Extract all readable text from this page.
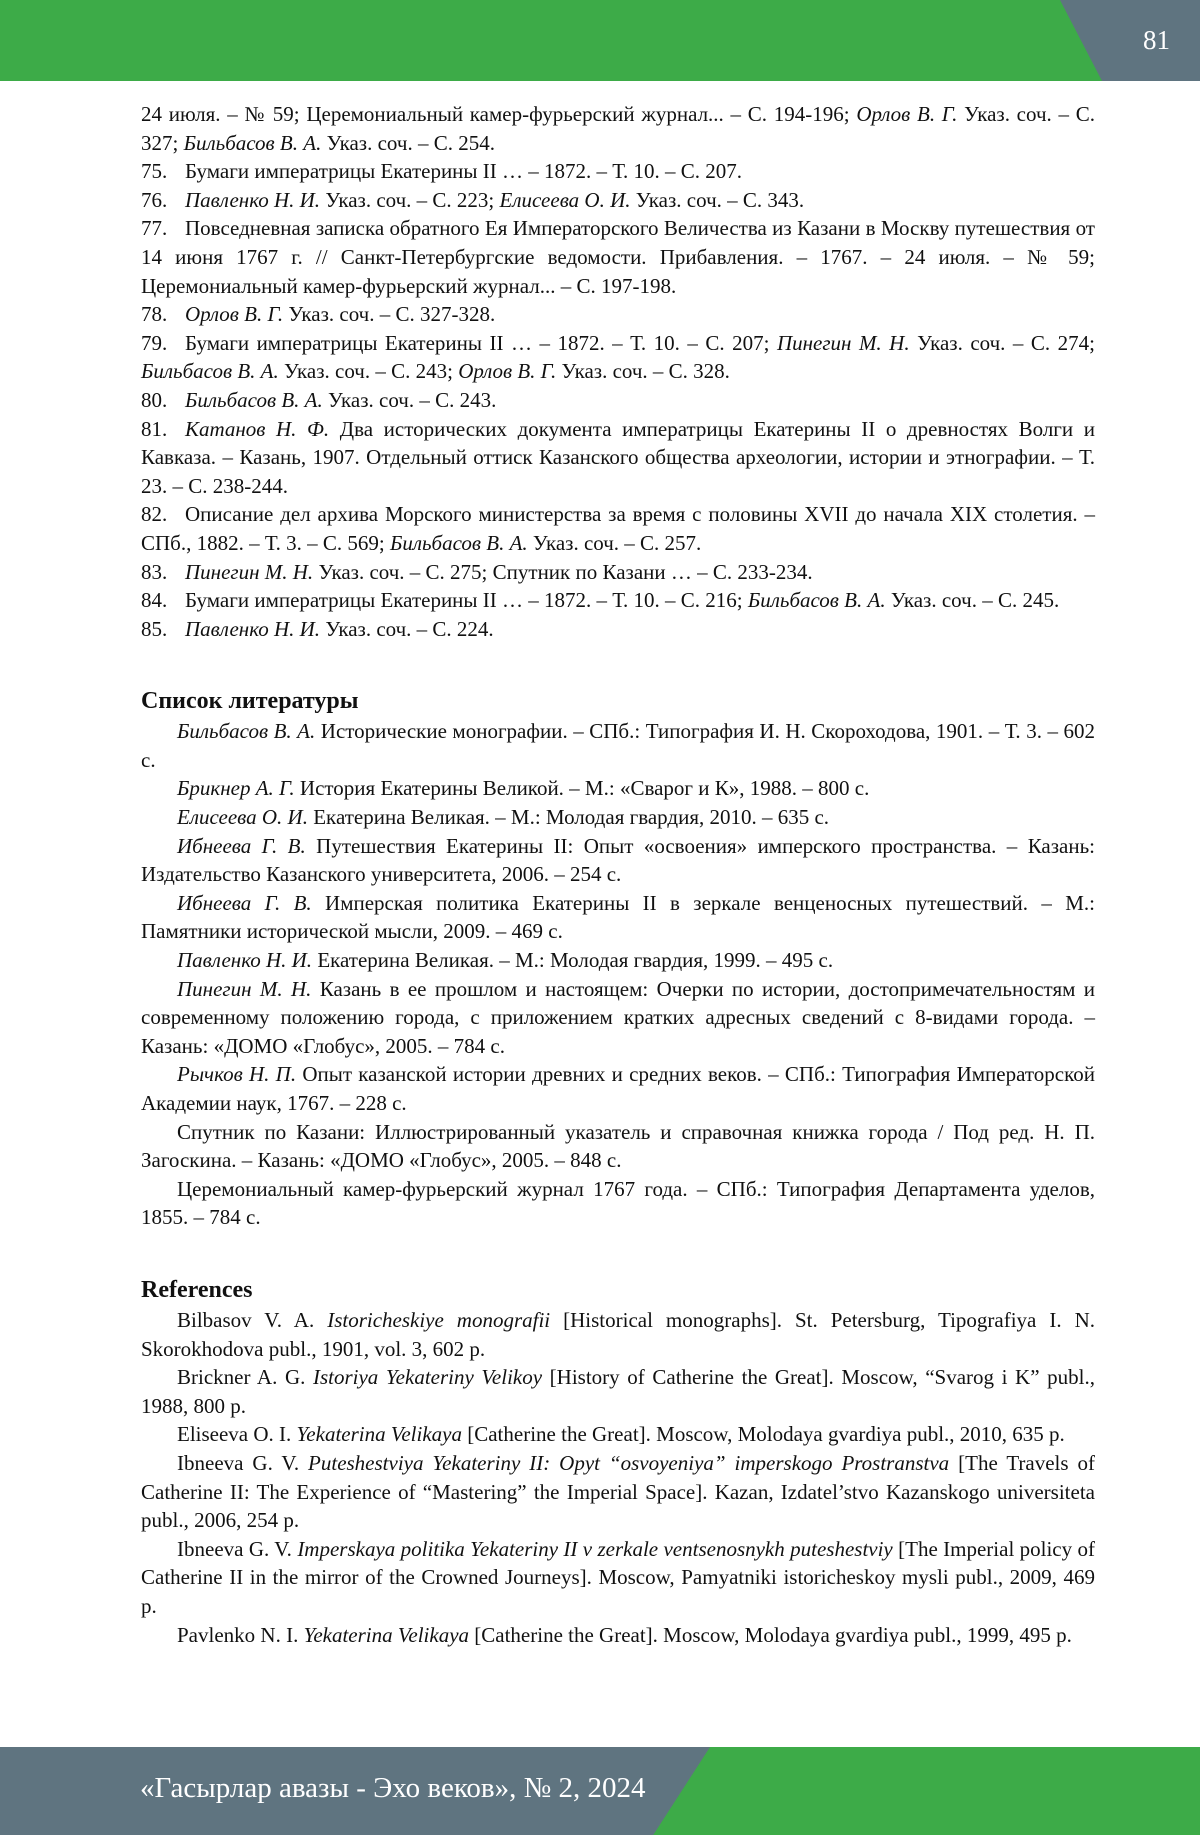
81

24 июля. – № 59; Церемониальный камер-фурьерский журнал... – С. 194-196; Орлов В. Г. Указ. соч. – С. 327; Бильбасов В. А. Указ. соч. – С. 254.

75. Бумаги императрицы Екатерины II … – 1872. – Т. 10. – С. 207.

76. Павленко Н. И. Указ. соч. – С. 223; Елисеева О. И. Указ. соч. – С. 343.

77. Повседневная записка обратного Ея Императорского Величества из Казани в Москву путешествия от 14 июня 1767 г. // Санкт-Петербургские ведомости. Прибавления. – 1767. – 24 июля. – № 59; Церемониальный камер-фурьерский журнал... – С. 197-198.

78. Орлов В. Г. Указ. соч. – С. 327-328.

79. Бумаги императрицы Екатерины II … – 1872. – Т. 10. – С. 207; Пинегин М. Н. Указ. соч. – С. 274; Бильбасов В. А. Указ. соч. – С. 243; Орлов В. Г. Указ. соч. – С. 328.

80. Бильбасов В. А. Указ. соч. – С. 243.

81. Катанов Н. Ф. Два исторических документа императрицы Екатерины II о древностях Волги и Кавказа. – Казань, 1907. Отдельный оттиск Казанского общества археологии, истории и этнографии. – Т. 23. – С. 238-244.

82. Описание дел архива Морского министерства за время с половины XVII до начала XIX столетия. – СПб., 1882. – Т. 3. – С. 569; Бильбасов В. А. Указ. соч. – С. 257.

83. Пинегин М. Н. Указ. соч. – С. 275; Спутник по Казани … – С. 233-234.

84. Бумаги императрицы Екатерины II … – 1872. – Т. 10. – С. 216; Бильбасов В. А. Указ. соч. – С. 245.

85. Павленко Н. И. Указ. соч. – С. 224.

Список литературы

Бильбасов В. А. Исторические монографии. – СПб.: Типография И. Н. Скороходова, 1901. – Т. 3. – 602 с.

Брикнер А. Г. История Екатерины Великой. – М.: «Сварог и К», 1988. – 800 с.

Елисеева О. И. Екатерина Великая. – М.: Молодая гвардия, 2010. – 635 с.

Ибнеева Г. В. Путешествия Екатерины II: Опыт «освоения» имперского пространства. – Казань: Издательство Казанского университета, 2006. – 254 с.

Ибнеева Г. В. Имперская политика Екатерины II в зеркале венценосных путешествий. – М.: Памятники исторической мысли, 2009. – 469 с.

Павленко Н. И. Екатерина Великая. – М.: Молодая гвардия, 1999. – 495 с.

Пинегин М. Н. Казань в ее прошлом и настоящем: Очерки по истории, достопримечательностям и современному положению города, с приложением кратких адресных сведений с 8-видами города. – Казань: «ДОМО «Глобус», 2005. – 784 с.

Рычков Н. П. Опыт казанской истории древних и средних веков. – СПб.: Типография Императорской Академии наук, 1767. – 228 с.

Спутник по Казани: Иллюстрированный указатель и справочная книжка города / Под ред. Н. П. Загоскина. – Казань: «ДОМО «Глобус», 2005. – 848 с.

Церемониальный камер-фурьерский журнал 1767 года. – СПб.: Типография Департамента уделов, 1855. – 784 с.

References

Bilbasov V. A. Istoricheskiye monografii [Historical monographs]. St. Petersburg, Tipografiya I. N. Skorokhodova publ., 1901, vol. 3, 602 p.

Brickner A. G. Istoriya Yekateriny Velikoy [History of Catherine the Great]. Moscow, “Svarog i K” publ., 1988, 800 p.

Eliseeva O. I. Yekaterina Velikaya [Catherine the Great]. Moscow, Molodaya gvardiya publ., 2010, 635 p.

Ibneeva G. V. Puteshestviya Yekateriny II: Opyt “osvoyeniya” imperskogo Prostranstva [The Travels of Catherine II: The Experience of “Mastering” the Imperial Space]. Kazan, Izdatel’stvo Kazanskogo universiteta publ., 2006, 254 p.

Ibneeva G. V. Imperskaya politika Yekateriny II v zerkale ventsenosnykh puteshestviy [The Imperial policy of Catherine II in the mirror of the Crowned Journeys]. Moscow, Pamyatniki istoricheskoy mysli publ., 2009, 469 p.

Pavlenko N. I. Yekaterina Velikaya [Catherine the Great]. Moscow, Molodaya gvardiya publ., 1999, 495 p.

«Гасырлар авазы - Эхо веков», № 2, 2024
